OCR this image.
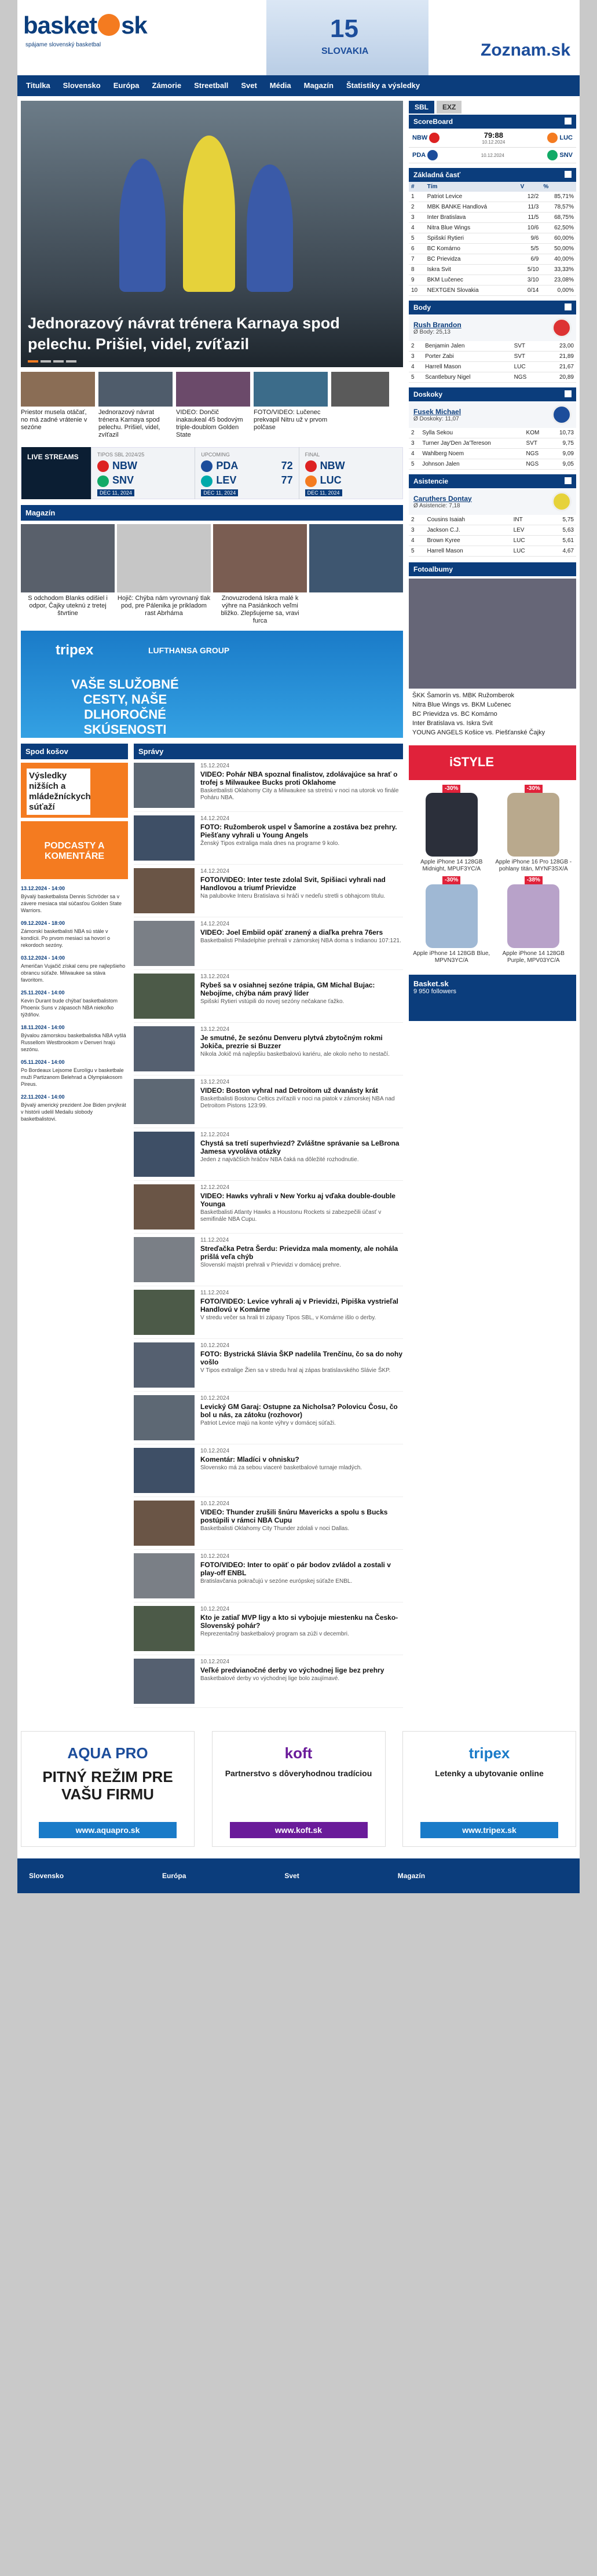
basket sk
spájame slovenský basketbal
15
SLOVAKIA	Zoznam.sk
Titulka	Slovensko	Európa	Zámorie	Streetball	Svet	Média	Magazín	Štatistiky a výsledky
Jednorazový návrat trénera Karnaya spod pelechu. Prišiel, videl, zvíťazil
Priestor musela otáčať, no má zadné vrátenie v sezóne
Jednorazový návrat trénera Karnaya spod pelechu. Prišiel, videl, zvíťazil
VIDEO: Dončič inakaukeal 45 bodovým triple-doublom Golden State
FOTO/VIDEO: Lučenec prekvapil Nitru už v prvom polčase
LIVE STREAMS	TIPOS SBL 2024/25
NBW
SNV
DEC 11, 2024
UPCOMING
PDA	72
LEV	77
DEC 11, 2024
FINAL
NBW
LUC
DEC 11, 2024
Magazín
S odchodom Blanks odišiel i odpor, Čajky uteknú z tretej štvrtine
Hojič: Chýba nám vyrovnaný tlak pod, pre Pálenika je prikladom rast Abrháma
Znovuzrodená Iskra malé k výhre na Pasiánkoch veľmi bližko. Zlepšujeme sa, vravi furca
tripex	LUFTHANSA GROUP
VAŠE SLUŽOBNÉ CESTY, NAŠE DLHOROČNÉ SKÚSENOSTI
Spod košov
Výsledky nižších a mládežníckych súťaží
PODCASTY A KOMENTÁRE
13.12.2024 - 14:00
Bývalý basketbalista Dennis Schröder sa v závere mesiaca stal súčasťou Golden State Warriors.
09.12.2024 - 18:00
Zámorskí basketbalisti NBA sú stále v kondícii. Po prvom mesiaci sa hovorí o rekordoch sezóny.
03.12.2024 - 14:00
Američan Vujačič získal cenu pre najlepšieho obrancu súťaže. Milwaukee sa stáva favoritom.
25.11.2024 - 14:00
Kevin Durant bude chýbať basketbalistom Phoenix Suns v zápasoch NBA niekoľko týždňov.
18.11.2024 - 14:00
Bývalou zámorskou basketbalistka NBA vyšlá Russellom Westbrookom v Denveri hrajú sezónu.
05.11.2024 - 14:00
Po Bordeaux Lejsome Eurolígu v basketbale muži Partizanom Belehrad a Olympiakosom Pireus.
22.11.2024 - 14:00
Bývalý americký prezident Joe Biden prvýkrát v histórii udelil Medailu slobody basketbalistovi.
Správy
15.12.2024
VIDEO: Pohár NBA spoznal finalistov, zdolávajúce sa hrať o trofej s Milwaukee Bucks proti Oklahome
Basketbalisti Oklahomy City a Milwaukee sa stretnú v noci na utorok vo finále Poháru NBA.
14.12.2024
FOTO: Ružomberok uspel v Šamoríne a zostáva bez prehry. Piešťany vyhrali u Young Angels
Ženský Tipos extraliga mala dnes na programe 9 kolo.
14.12.2024
FOTO/VIDEO: Inter teste zdolal Svit, Spišiaci vyhrali nad Handlovou a triumf Prievidze
Na palubovke Interu Bratislava si hráči v nedeľu stretli s obhajcom titulu.
14.12.2024
VIDEO: Joel Embiid opäť zranený a diaľka prehra 76ers
Basketbalisti Philadelphie prehrali v zámorskej NBA doma s Indianou 107:121.
13.12.2024
Rybeš sa v osiahnej sezóne trápia, GM Michal Bujac: Nebojíme, chýba nám pravý líder
Spišskí Rytieri vstúpili do novej sezóny nečakane ťažko.
13.12.2024
Je smutné, že sezónu Denveru plytvá zbytočným rokmi Jokiča, prezrie si Buzzer
Nikola Jokič má najlepšiu basketbalovú kariéru, ale okolo neho to nestačí.
13.12.2024
VIDEO: Boston vyhral nad Detroitom už dvanásty krát
Basketbalisti Bostonu Celtics zvíťazili v noci na piatok v zámorskej NBA nad Detroitom Pistons 123:99.
12.12.2024
Chystá sa tretí superhviezd? Zvláštne správanie sa LeBrona Jamesa vyvoláva otázky
Jeden z najväčších hráčov NBA čaká na dôležité rozhodnutie.
12.12.2024
VIDEO: Hawks vyhrali v New Yorku aj vďaka double-double Younga
Basketbalisti Atlanty Hawks a Houstonu Rockets si zabezpečili účasť v semifinále NBA Cupu.
11.12.2024
Streďačka Petra Šerdu: Prievidza mala momenty, ale nohála prišlá veľa chýb
Slovenskí majstri prehrali v Prievidzi v domácej prehre.
11.12.2024
FOTO/VIDEO: Levice vyhrali aj v Prievidzi, Pipiška vystrieľal Handlovú v Komárne
V stredu večer sa hrali tri zápasy Tipos SBL, v Komárne išlo o derby.
10.12.2024
FOTO: Bystrická Slávia ŠKP nadelila Trenčínu, čo sa do nohy vošlo
V Tipos extralige Žien sa v stredu hral aj zápas bratislavského Slávie ŠKP.
10.12.2024
Levický GM Garaj: Ostupne za Nicholsa? Polovicu Čosu, čo bol u nás, za zátoku (rozhovor)
Patriot Levice majú na konte výhry v domácej súťaži.
10.12.2024
Komentár: Mladíci v ohnisku?
Slovensko má za sebou viaceré basketbalové turnaje mladých.
10.12.2024
VIDEO: Thunder zrušili šnúru Mavericks a spolu s Bucks postúpili v rámci NBA Cupu
Basketbalisti Oklahomy City Thunder zdolali v noci Dallas.
10.12.2024
FOTO/VIDEO: Inter to opäť o pár bodov zvládol a zostali v play-off ENBL
Bratislavčania pokračujú v sezóne európskej súťaže ENBL.
10.12.2024
Kto je zatiaľ MVP ligy a kto si vybojuje miestenku na Česko-Slovenský pohár?
Reprezentačný basketbalový program sa zúži v decembri.
10.12.2024
Veľké predvianočné derby vo východnej lige bez prehry
Basketbalové derby vo východnej lige bolo zaujímavé.
SBL	EXZ
ScoreBoard
NBW	79:88
10.12.2024
LUC
PDA	10.12.2024	SNV
Základná časť
#	Tím	V	%
1	Patriot Levice	12/2	85,71%
2	MBK BANKE Handlová	11/3	78,57%
3	Inter Bratislava	11/5	68,75%
4	Nitra Blue Wings	10/6	62,50%
5	Spišskí Rytieri	9/6	60,00%
6	BC Komárno	5/5	50,00%
7	BC Prievidza	6/9	40,00%
8	Iskra Svit	5/10	33,33%
9	BKM Lučenec	3/10	23,08%
10	NEXTGEN Slovakia	0/14	0,00%
Body
Rush Brandon
Ø Body: 25,13
2	Benjamin Jalen	SVT	23,00
3	Porter Zabi	SVT	21,89
4	Harrell Mason	LUC	21,67
5	Scantlebury Nigel	NGS	20,89
Doskoky
Fusek Michael
Ø Doskoky: 11,07
2	Sylla Sekou	KOM	10,73
3	Turner Jay'Den Ja'Tereson	SVT	9,75
4	Wahlberg Noem	NGS	9,09
5	Johnson Jalen	NGS	9,05
Asistencie
Caruthers Dontay
Ø Asistencie: 7,18
2	Cousins Isaiah	INT	5,75
3	Jackson C.J.	LEV	5,63
4	Brown Kyree	LUC	5,61
5	Harrell Mason	LUC	4,67
Fotoalbumy
ŠKK Šamorín vs. MBK Ružomberok
Nitra Blue Wings vs. BKM Lučenec
BC Prievidza vs. BC Komárno
Inter Bratislava vs. Iskra Svit
YOUNG ANGELS Košice vs. Piešťanské Čajky
iSTYLE
-30%
Apple iPhone 14 128GB Midnight, MPUF3YC/A
-30%
Apple iPhone 16 Pro 128GB - pohlany titán, MYNF3SX/A
-30%
Apple iPhone 14 128GB Blue, MPVN3YC/A
-38%
Apple iPhone 14 128GB Purple, MPV03YC/A
Basket.sk
9 950 followers
AQUA PRO
PITNÝ REŽIM PRE VAŠU FIRMU
www.aquapro.sk
koft
Partnerstvo s dôveryhodnou tradíciou
www.koft.sk
tripex
Letenky a ubytovanie online
www.tripex.sk
Slovensko	Európa	Svet	Magazín
